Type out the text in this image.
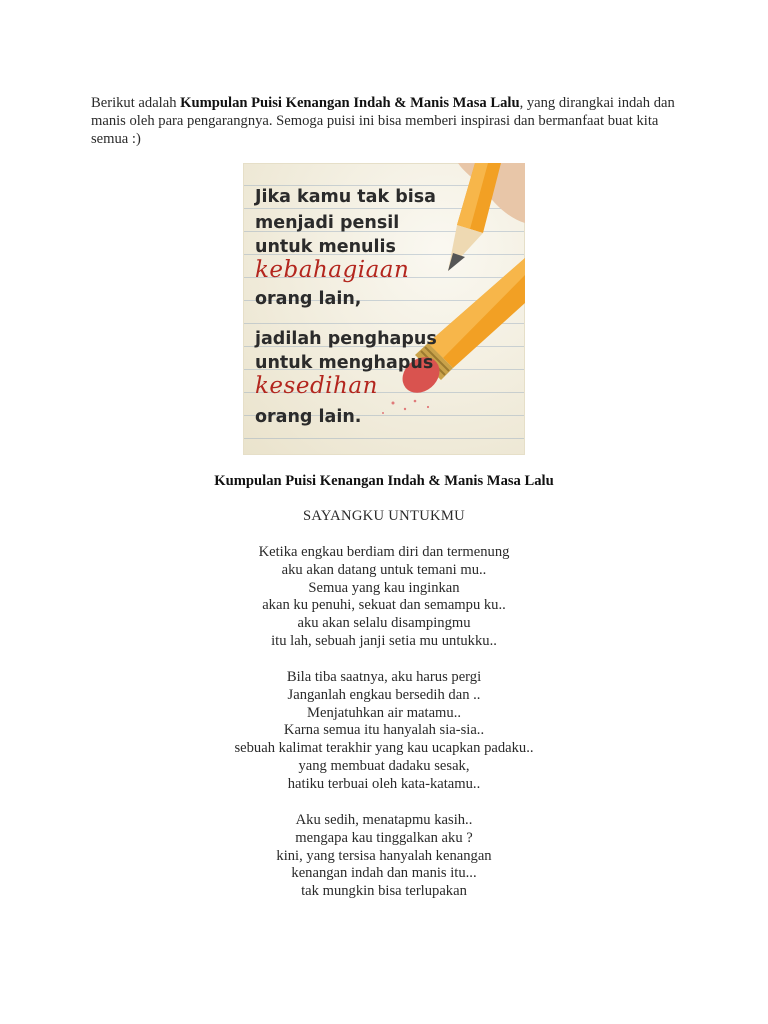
Berikut adalah Kumpulan Puisi Kenangan Indah & Manis Masa Lalu, yang dirangkai indah dan manis oleh para pengarangnya. Semoga puisi ini bisa memberi inspirasi dan bermanfaat buat kita semua :)

Jika kamu tak bisa

menjadi pensil

untuk menulis

kebahagiaan

orang lain,

jadilah penghapus

untuk menghapus

kesedihan

orang lain.

Kumpulan Puisi Kenangan Indah & Manis Masa Lalu

SAYANGKU UNTUKMU

Ketika engkau berdiam diri dan termenung
aku akan datang untuk temani mu..
Semua yang kau inginkan
akan ku penuhi, sekuat dan semampu ku..
aku akan selalu disampingmu
itu lah, sebuah janji setia mu untukku..
Bila tiba saatnya, aku harus pergi
Janganlah engkau bersedih dan ..
Menjatuhkan air matamu..
Karna semua itu hanyalah sia-sia..
sebuah kalimat terakhir yang kau ucapkan padaku..
yang membuat dadaku sesak,
hatiku terbuai oleh kata-katamu..
Aku sedih, menatapmu kasih..
mengapa kau tinggalkan aku ?
kini, yang tersisa hanyalah kenangan
kenangan indah dan manis itu...
tak mungkin bisa terlupakan
